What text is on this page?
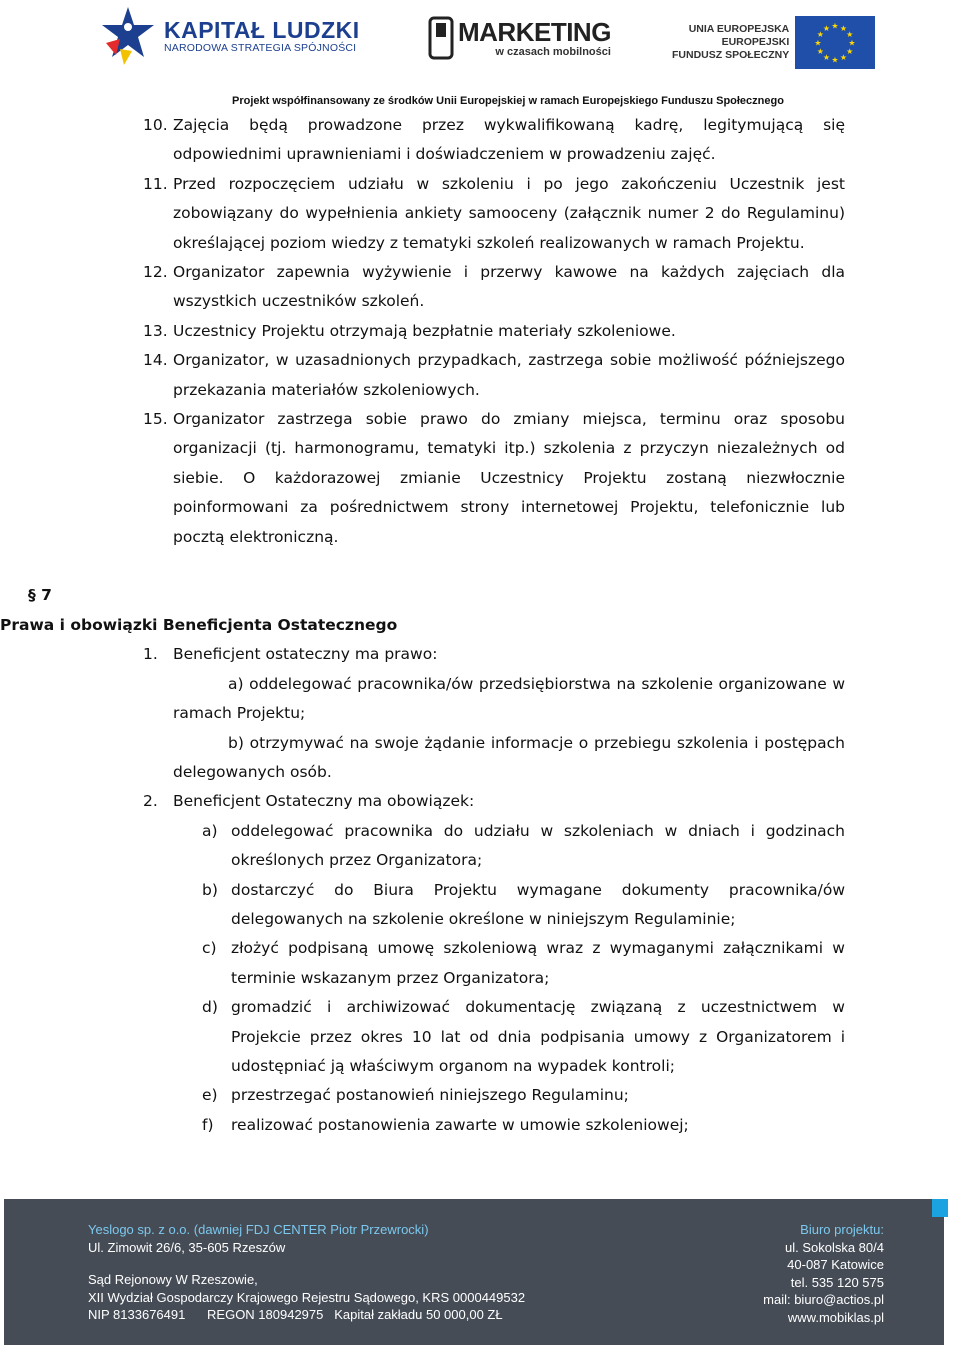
KAPITAŁ LUDZKI
NARODOWA STRATEGIA SPÓJNOŚCI
MARKETING
w czasach mobilności
UNIA EUROPEJSKA
EUROPEJSKI
FUNDUSZ SPOŁECZNY
★
★
★
★
★
★
★
★
★ ★ ★
★
Projekt współfinansowany ze środków Unii Europejskiej w ramach Europejskiego Funduszu Społecznego
10. Zajęcia będą prowadzone przez wykwalifikowaną kadrę, legitymującą się odpowiednimi uprawnieniami i doświadczeniem w prowadzeniu zajęć.
11. Przed rozpoczęciem udziału w szkoleniu i po jego zakończeniu Uczestnik jest zobowiązany do wypełnienia ankiety samooceny (załącznik numer 2 do Regulaminu) określającej poziom wiedzy z tematyki szkoleń realizowanych w ramach Projektu.
12. Organizator zapewnia wyżywienie i przerwy kawowe na każdych zajęciach dla wszystkich uczestników szkoleń.
13. Uczestnicy Projektu otrzymają bezpłatnie materiały szkoleniowe.
14. Organizator, w uzasadnionych przypadkach, zastrzega sobie możliwość późniejszego przekazania materiałów szkoleniowych.
15. Organizator zastrzega sobie prawo do zmiany miejsca, terminu oraz sposobu organizacji (tj. harmonogramu, tematyki itp.) szkolenia z przyczyn niezależnych od siebie. O każdorazowej zmianie Uczestnicy Projektu zostaną niezwłocznie poinformowani za pośrednictwem strony internetowej Projektu, telefonicznie lub pocztą elektroniczną.
§ 7
Prawa i obowiązki Beneficjenta Ostatecznego
1. Beneficjent ostateczny ma prawo:
a) oddelegować pracownika/ów przedsiębiorstwa na szkolenie organizowane w ramach Projektu;
b) otrzymywać na swoje żądanie informacje o przebiegu szkolenia i postępach delegowanych osób.
2. Beneficjent Ostateczny ma obowiązek:
a) oddelegować pracownika do udziału w szkoleniach w dniach i godzinach określonych przez Organizatora;
b) dostarczyć do Biura Projektu wymagane dokumenty pracownika/ów delegowanych na szkolenie określone w niniejszym Regulaminie;
c) złożyć podpisaną umowę szkoleniową wraz z wymaganymi załącznikami w terminie wskazanym przez Organizatora;
d) gromadzić i archiwizować dokumentację związaną z uczestnictwem w Projekcie przez okres 10 lat od dnia podpisania umowy z Organizatorem i udostępniać ją właściwym organom na wypadek kontroli;
e) przestrzegać postanowień niniejszego Regulaminu;
f) realizować postanowienia zawarte w umowie szkoleniowej;
Yeslogo sp. z o.o. (dawniej FDJ CENTER Piotr Przewrocki)
Ul. Zimowit 26/6, 35-605 Rzeszów
Sąd Rejonowy W Rzeszowie,
XII Wydział Gospodarczy Krajowego Rejestru Sądowego, KRS 0000449532
NIP 8133676491      REGON 180942975   Kapitał zakładu 50 000,00 ZŁ
Biuro projektu:
ul. Sokolska 80/4
40-087 Katowice
tel. 535 120 575
mail: biuro@actios.pl
www.mobiklas.pl
